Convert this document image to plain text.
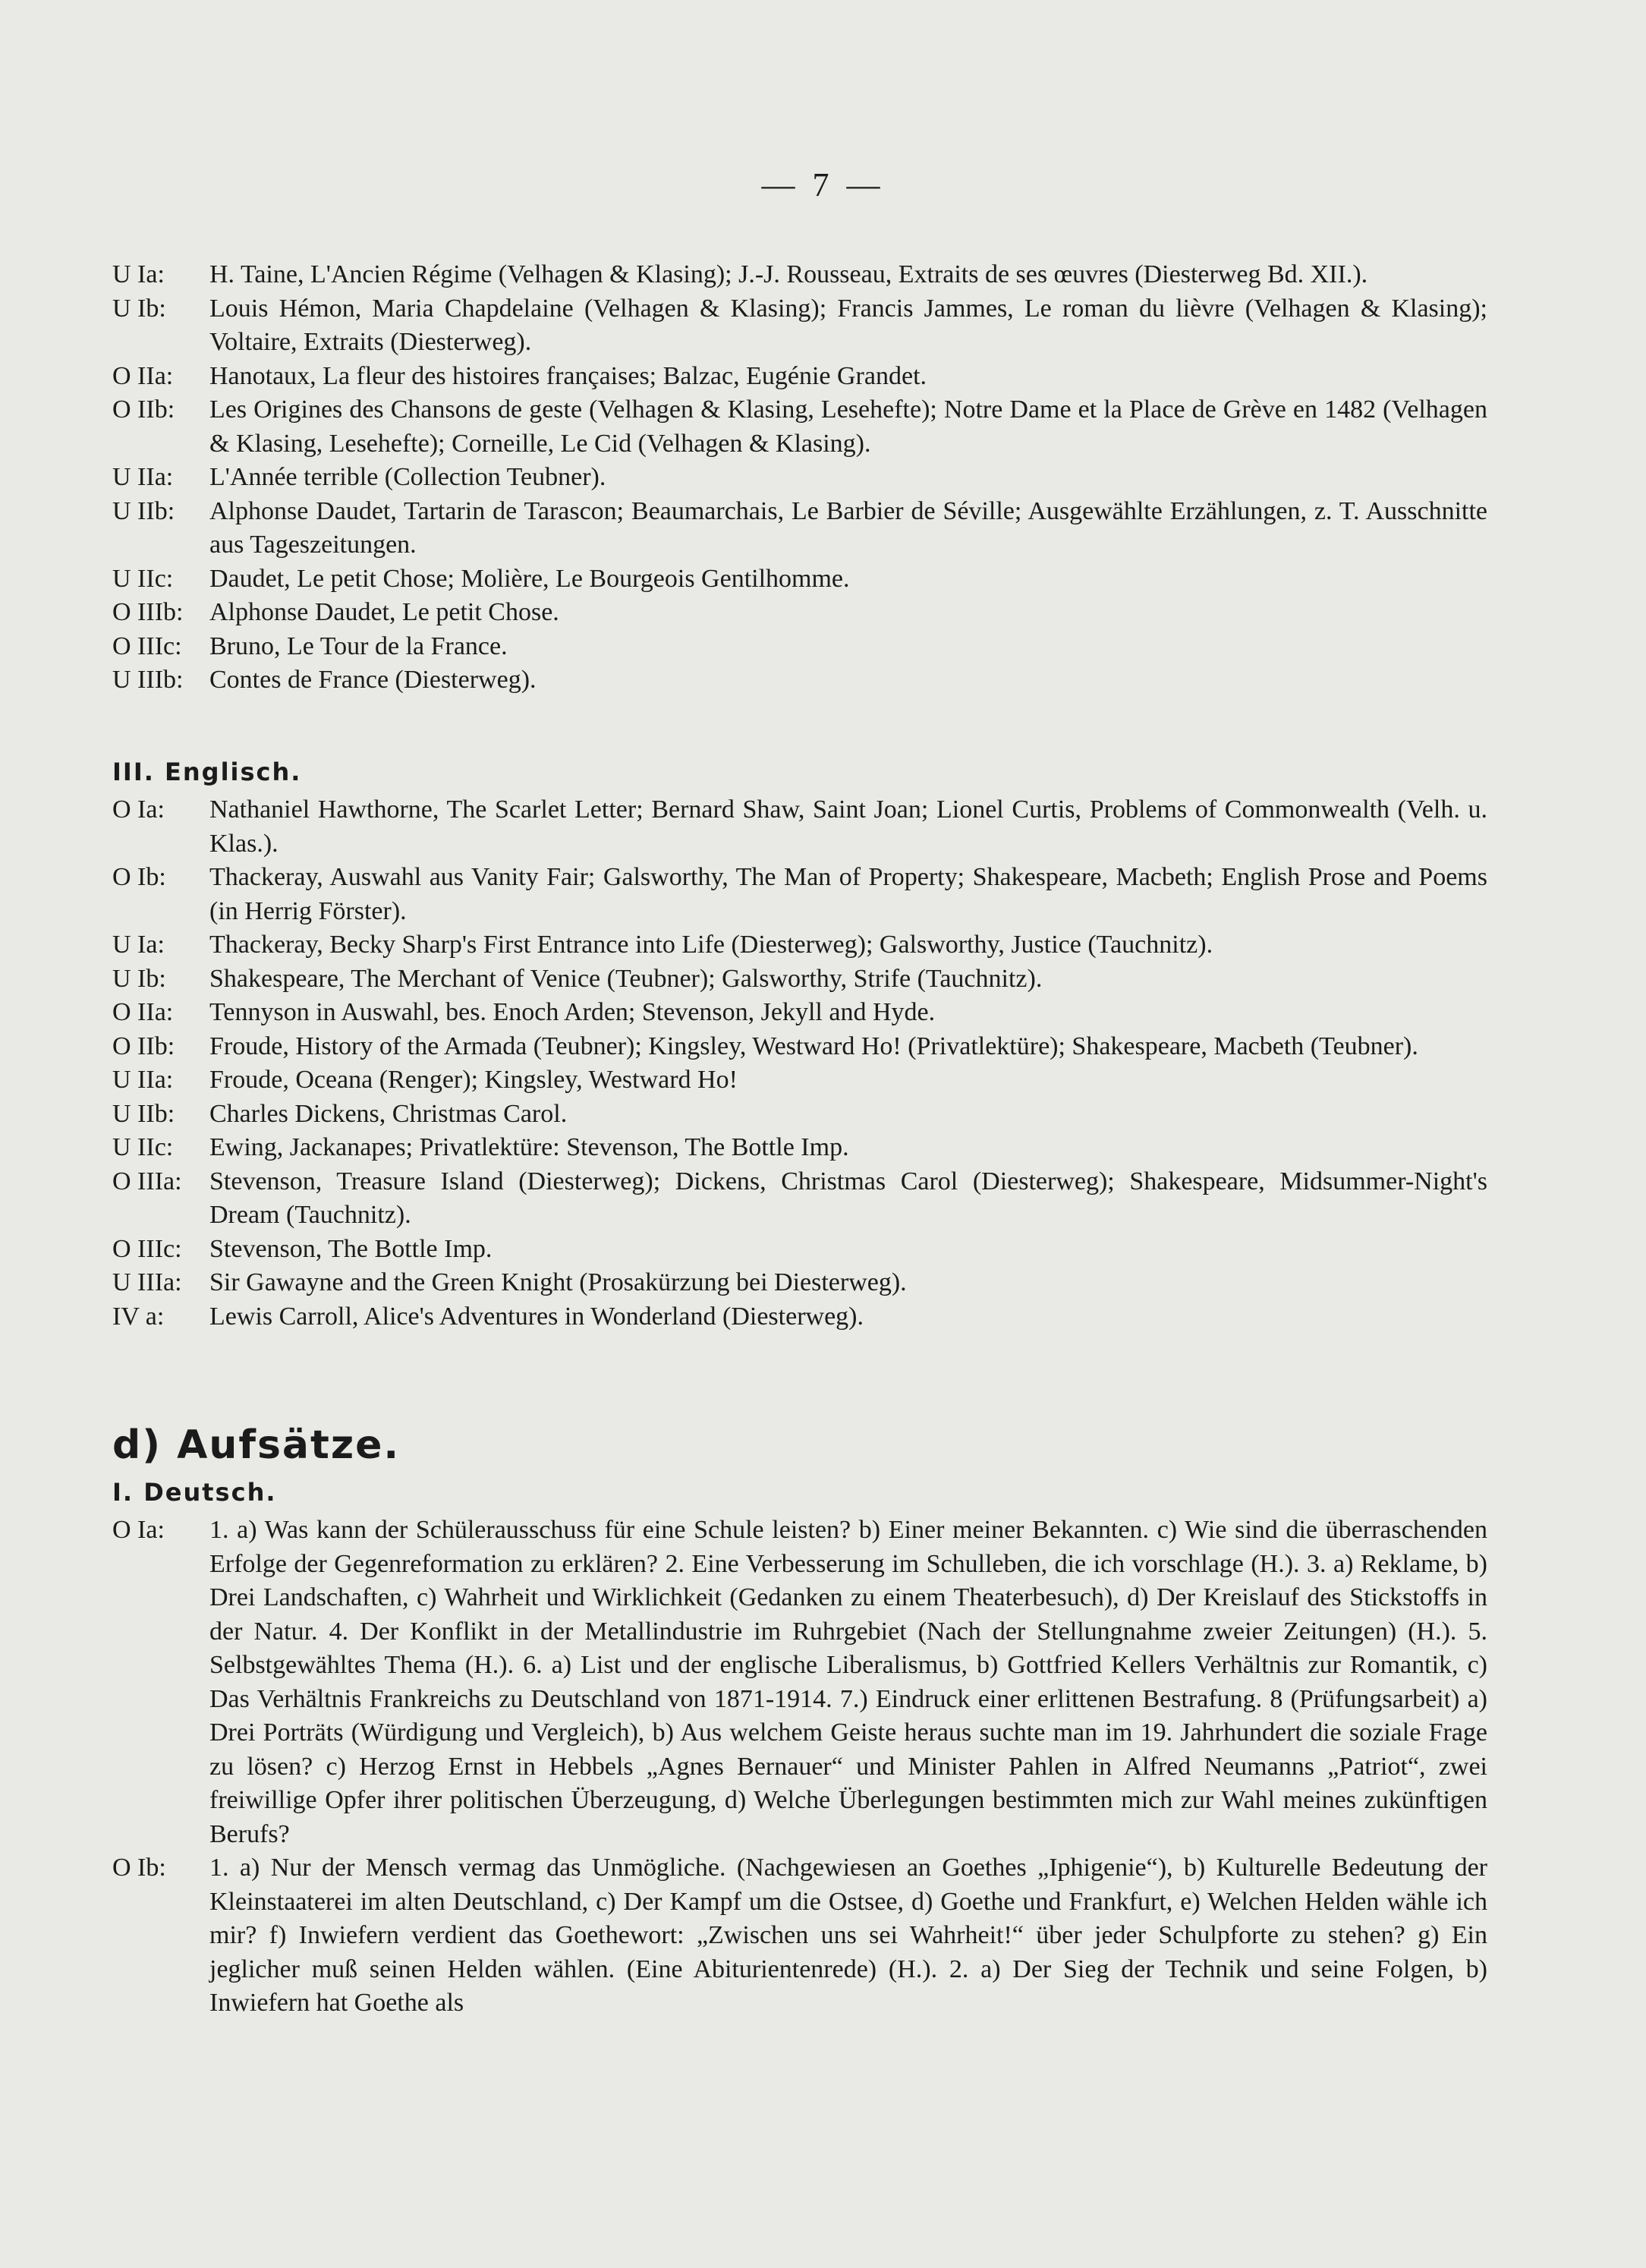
— 7 —
U Ia:	H. Taine, L'Ancien Régime (Velhagen & Klasing); J.-J. Rousseau, Extraits de ses œuvres (Diesterweg Bd. XII.).
U Ib:	Louis Hémon, Maria Chapdelaine (Velhagen & Klasing); Francis Jammes, Le roman du lièvre (Velhagen & Klasing); Voltaire, Extraits (Diesterweg).
O IIa:	Hanotaux, La fleur des histoires françaises; Balzac, Eugénie Grandet.
O IIb:	Les Origines des Chansons de geste (Velhagen & Klasing, Lesehefte); Notre Dame et la Place de Grève en 1482 (Velhagen & Klasing, Lesehefte); Corneille, Le Cid (Velhagen & Klasing).
U IIa:	L'Année terrible (Collection Teubner).
U IIb:	Alphonse Daudet, Tartarin de Tarascon; Beaumarchais, Le Barbier de Séville; Ausgewählte Erzählungen, z. T. Ausschnitte aus Tageszeitungen.
U IIc:	Daudet, Le petit Chose; Molière, Le Bourgeois Gentilhomme.
O IIIb:	Alphonse Daudet, Le petit Chose.
O IIIc:	Bruno, Le Tour de la France.
U IIIb:	Contes de France (Diesterweg).
III. Englisch.
O Ia:	Nathaniel Hawthorne, The Scarlet Letter; Bernard Shaw, Saint Joan; Lionel Curtis, Problems of Commonwealth (Velh. u. Klas.).
O Ib:	Thackeray, Auswahl aus Vanity Fair; Galsworthy, The Man of Property; Shakespeare, Macbeth; English Prose and Poems (in Herrig Förster).
U Ia:	Thackeray, Becky Sharp's First Entrance into Life (Diesterweg); Galsworthy, Justice (Tauchnitz).
U Ib:	Shakespeare, The Merchant of Venice (Teubner); Galsworthy, Strife (Tauchnitz).
O IIa:	Tennyson in Auswahl, bes. Enoch Arden; Stevenson, Jekyll and Hyde.
O IIb:	Froude, History of the Armada (Teubner); Kingsley, Westward Ho! (Privatlektüre); Shakespeare, Macbeth (Teubner).
U IIa:	Froude, Oceana (Renger); Kingsley, Westward Ho!
U IIb:	Charles Dickens, Christmas Carol.
U IIc:	Ewing, Jackanapes; Privatlektüre: Stevenson, The Bottle Imp.
O IIIa:	Stevenson, Treasure Island (Diesterweg); Dickens, Christmas Carol (Diesterweg); Shakespeare, Midsummer-Night's Dream (Tauchnitz).
O IIIc:	Stevenson, The Bottle Imp.
U IIIa:	Sir Gawayne and the Green Knight (Prosakürzung bei Diesterweg).
IV a:	Lewis Carroll, Alice's Adventures in Wonderland (Diesterweg).
d) Aufsätze.
I. Deutsch.
O Ia:	1. a) Was kann der Schülerausschuss für eine Schule leisten? b) Einer meiner Bekannten. c) Wie sind die überraschenden Erfolge der Gegenreformation zu erklären? 2. Eine Verbesserung im Schulleben, die ich vorschlage (H.). 3. a) Reklame, b) Drei Landschaften, c) Wahrheit und Wirklichkeit (Gedanken zu einem Theaterbesuch), d) Der Kreislauf des Stickstoffs in der Natur. 4. Der Konflikt in der Metallindustrie im Ruhrgebiet (Nach der Stellungnahme zweier Zeitungen) (H.). 5. Selbstgewähltes Thema (H.). 6. a) List und der englische Liberalismus, b) Gottfried Kellers Verhältnis zur Romantik, c) Das Verhältnis Frankreichs zu Deutschland von 1871-1914. 7.) Eindruck einer erlittenen Bestrafung. 8 (Prüfungsarbeit) a) Drei Porträts (Würdigung und Vergleich), b) Aus welchem Geiste heraus suchte man im 19. Jahrhundert die soziale Frage zu lösen? c) Herzog Ernst in Hebbels „Agnes Bernauer“ und Minister Pahlen in Alfred Neumanns „Patriot“, zwei freiwillige Opfer ihrer politischen Überzeugung, d) Welche Überlegungen bestimmten mich zur Wahl meines zukünftigen Berufs?
O Ib:	1. a) Nur der Mensch vermag das Unmögliche. (Nachgewiesen an Goethes „Iphigenie“), b) Kulturelle Bedeutung der Kleinstaaterei im alten Deutschland, c) Der Kampf um die Ostsee, d) Goethe und Frankfurt, e) Welchen Helden wähle ich mir? f) Inwiefern verdient das Goethewort: „Zwischen uns sei Wahrheit!“ über jeder Schulpforte zu stehen? g) Ein jeglicher muß seinen Helden wählen. (Eine Abiturientenrede) (H.). 2. a) Der Sieg der Technik und seine Folgen, b) Inwiefern hat Goethe als
